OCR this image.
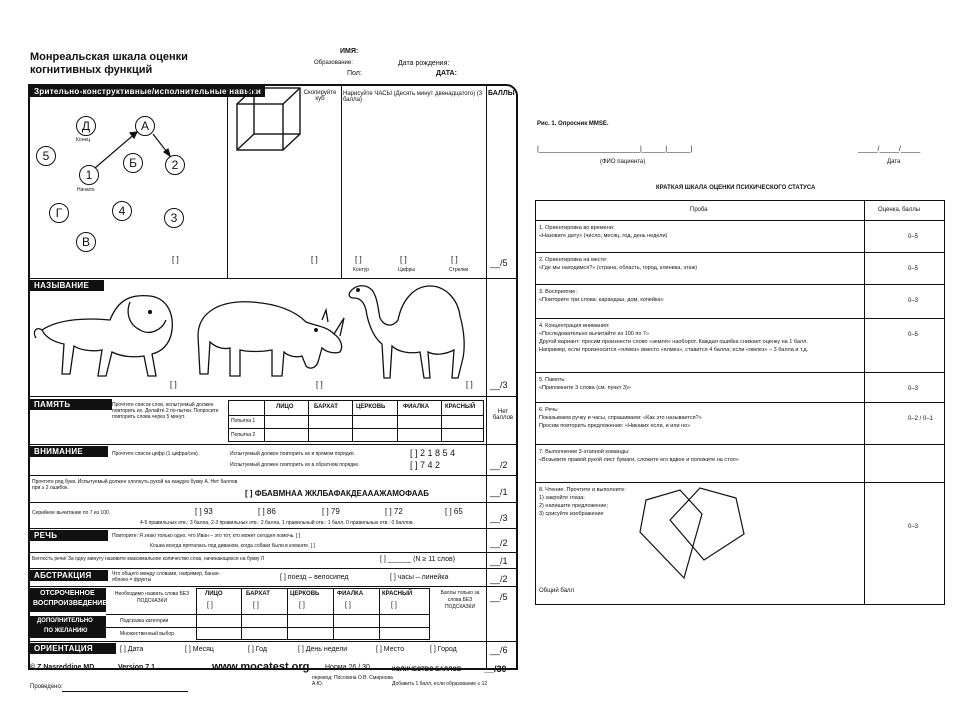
Монреальская шкала оценки
когнитивных функций
ИМЯ:
Образование:
Пол:
Дата рождения:
ДАТА:
БАЛЛЫ
Зрительно-конструктивные/исполнительные навыки	Скопируйте куб
Нарисуйте ЧАСЫ (Десять минут двенадцатого) (3 балла)
Д
Конец
А
5
1
Начало
Б	2
Г	4	3
В
[ ]	[ ]	[ ]	[ ]	[ ]
Контур	Цифры	Стрелки
__/5
НАЗЫВАНИЕ
[ ]	[ ]	[ ] __/3
ПАМЯТЬ	Прочтите список слов, испытуемый должен повторить их. Делайте 2 по-пытки. Попросите повторить слова через 5 минут.
ЛИЦО	БАРХАТ	ЦЕРКОВЬ	ФИАЛКА	КРАСНЫЙ
Попытка 1
Попытка 2
Нет баллов
ВНИМАНИЕ	Прочтите список цифр (1 цифра/сек).	Испытуемый должен повторить их в прямом порядке.
Испытуемый должен повторить их в обратном порядке.
[ ] 2 1 8 5 4
[ ] 7 4 2	__/2
Прочтите ряд букв. Испытуемый должен хлопнуть рукой на каждую букву А. Нет баллов при ≥ 2 ошибок.
[ ] ФБАВМНАА ЖКЛБАФАКДЕАААЖАМОФААБ	__/1
Серийное вычитание по 7 из 100.	[ ] 93	[ ] 86	[ ] 79	[ ] 72	[ ] 65
4-5 правильных отв.: 3 балла, 2-3 правильных отв.: 2 балла, 1 правильный отв.: 1 балл, 0 правильных отв.: 0 баллов.	__/3
РЕЧЬ	Повторите: Я знаю только одно, что Иван – это тот, кто может сегодня помочь. [ ]
Кошка всегда пряталась под диваном, когда собаки были в комнате. [ ]	__/2
Беглость речи/ За одну минуту назовите максимальное количество слов, начинающихся на букву Л	[ ] ______ (N ≥ 11 слов)	__/1
АБСТРАКЦИЯ	Что общего между словами, например, банан-яблоко = фрукты	[ ] поезд – велосипед	[ ] часы – линейка	__/2
ОТСРОЧЕННОЕ
ВОСПРОИЗВЕДЕНИЕ
Необходимо назвать слова БЕЗ ПОДСКАЗКИ
ЛИЦО	БАРХАТ	ЦЕРКОВЬ	ФИАЛКА	КРАСНЫЙ
[ ]	[ ]	[ ]	[ ]	[ ]
Баллы только за слова БЕЗ ПОДСКАЗКИ
__/5
ДОПОЛНИТЕЛЬНО
ПО ЖЕЛАНИЮ
Подсказка категории
Множественный выбор
ОРИЕНТАЦИЯ	[ ] Дата	[ ] Месяц	[ ] Год	[ ] День недели	[ ] Место	[ ] Город	__/6
© Z.Nasreddine MD	Version 7.1	www.mocatest.org Норма 26 / 30
перевод: Посохина О.В. Смирнова А.Ю.
КОЛИЧЕСТВО БАЛЛОВ	__/30
Добавить 1 балл, если образование ≤ 12
Проведено:
Рис. 1. Опросник MMSE.
|__________________________|______|______|
(ФИО пациента)
_____/_____/_____
Дата
КРАТКАЯ ШКАЛА ОЦЕНКИ ПСИХИЧЕСКОГО СТАТУСА
Проба	Оценка, баллы
1. Ориентировка во времени:
«Назовите дату» (число, месяц, год, день недели)	0–5
2. Ориентировка на месте:
«Где мы находимся?» (страна, область, город, клиника, этаж)	0–5
3. Восприятие:
«Повторите три слова: карандаш, дом, копейка»	0–3
4. Концентрация внимания:
«Последовательно вычитайте из 100 по 7»
Другой вариант: просим произнести слово «земля» наоборот. Каждая ошибка снижает оценку на 1 балл.
Например, если произносится «ялмез» вместо «ялмез», ставится 4 балла; если «ямлез» – 3 балла и т.д.
0–5
5. Память:
«Припомните 3 слова (см. пункт 3)»	0–3
6. Речь:
Показываем ручку и часы, спрашиваем: «Как это называется?»
Просим повторить предложение: «Никаких если, и или но»
0–2 / 0–1
7. Выполнение 3-этапной команды:
«Возьмите правой рукой лист бумаги, сложите его вдвое и положите на стол»
8. Чтение. Прочтите и выполните:
1) закройте глаза;
2) напишите предложение;
3) срисуйте изображение
0–3
Общий балл
